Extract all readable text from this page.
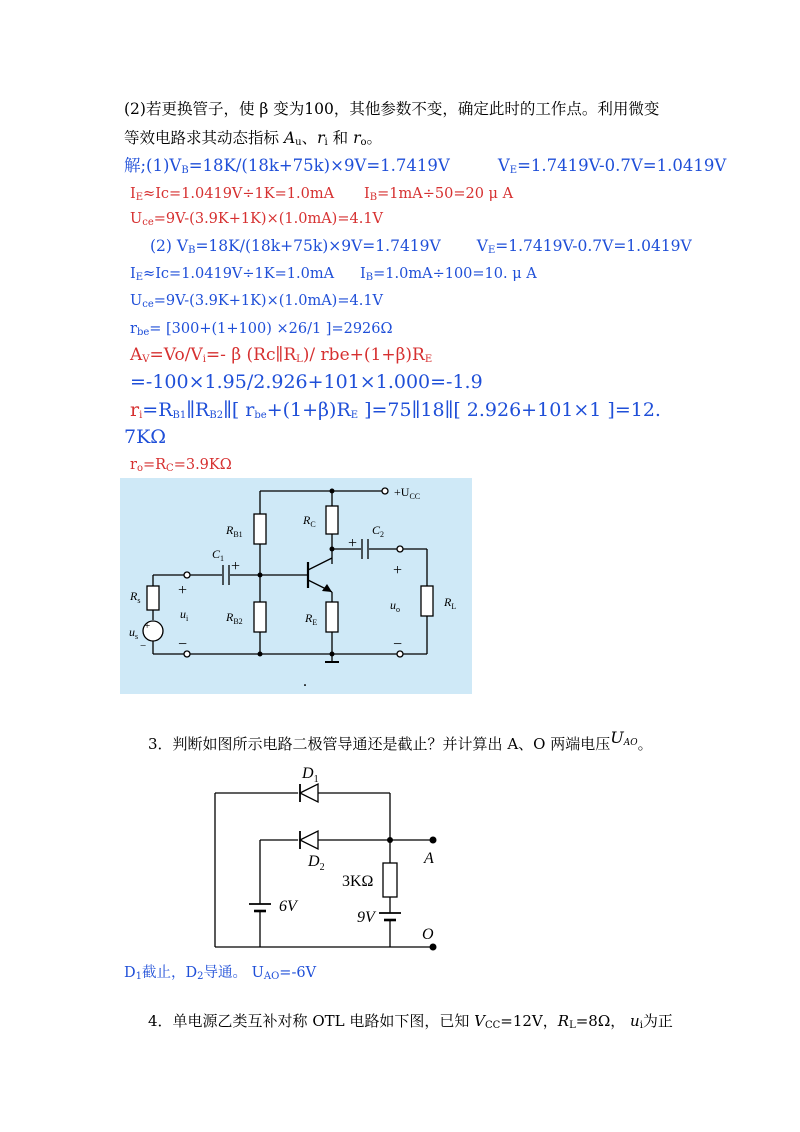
(2)若更换管子，使 β 变为100，其他参数不变，确定此时的工作点。利用微变
等效电路求其动态指标 $A_u$、$r_i$ 和 $r_o$。
解$;(1)V_B=18K/(18k+75k)\times 9V=1.7419V$	$V_E=1.7419V-0.7V=1.0419V$
$I_E\approx Ic=1.0419V\div 1K=1.0mA$ $I_B=1mA\div 50=20$ μ A
$U_{ce}=9V-(3.9K+1K)\times(1.0mA)=4.1V$
(2) $V_B=18K/(18k+75k)\times 9V=1.7419V$ $V_E=1.7419V-0.7V=1.0419V$
$I_E\approx Ic=1.0419V\div 1K=1.0mA$ $I_B=1.0mA\div 100=10$. μ A
$U_{ce}=9V-(3.9K+1K)\times(1.0mA)=4.1V$
$r_{be}= [300+(1+100) \times 26/1$ ]=2926Ω
$A_V=Vo/V_i=-$ β $(Rc\parallel R_L)/$ $rbe+(1+\beta)R_E$
=-100×1.95/2.926+101×1.000=-1.9
$r_i=R_{B1}\parallel R_{B2}\parallel$[ $r_{be}+(1+\beta)R_E$ ]=75∥18∥[ 2.926+101×1 ]=12.
7KΩ
$r_o=R_C=3.9K\Omega$
$+U_{CC}$
$R_{B1}$
$R_{B2}$
$R_C$
$R_E$
$R_L$
$R_s$
$u_s$
$u_i$
$u_o$
$C_1$
$C_2$
+
−
+
+
+
−
+
−
.
3．判断如图所示电路二极管导通还是截止？并计算出 A、O 两端电压$U_{AO}$。
$D_1$
$D_2$
A
O
3KΩ
6V
9V
$D_1$截止，$D_2$导通。 $U_{AO}=-6V$
4．单电源乙类互补对称 OTL 电路如下图，已知 $V_{CC}=12V$，$R_L=8\Omega$， $u_i$为正
